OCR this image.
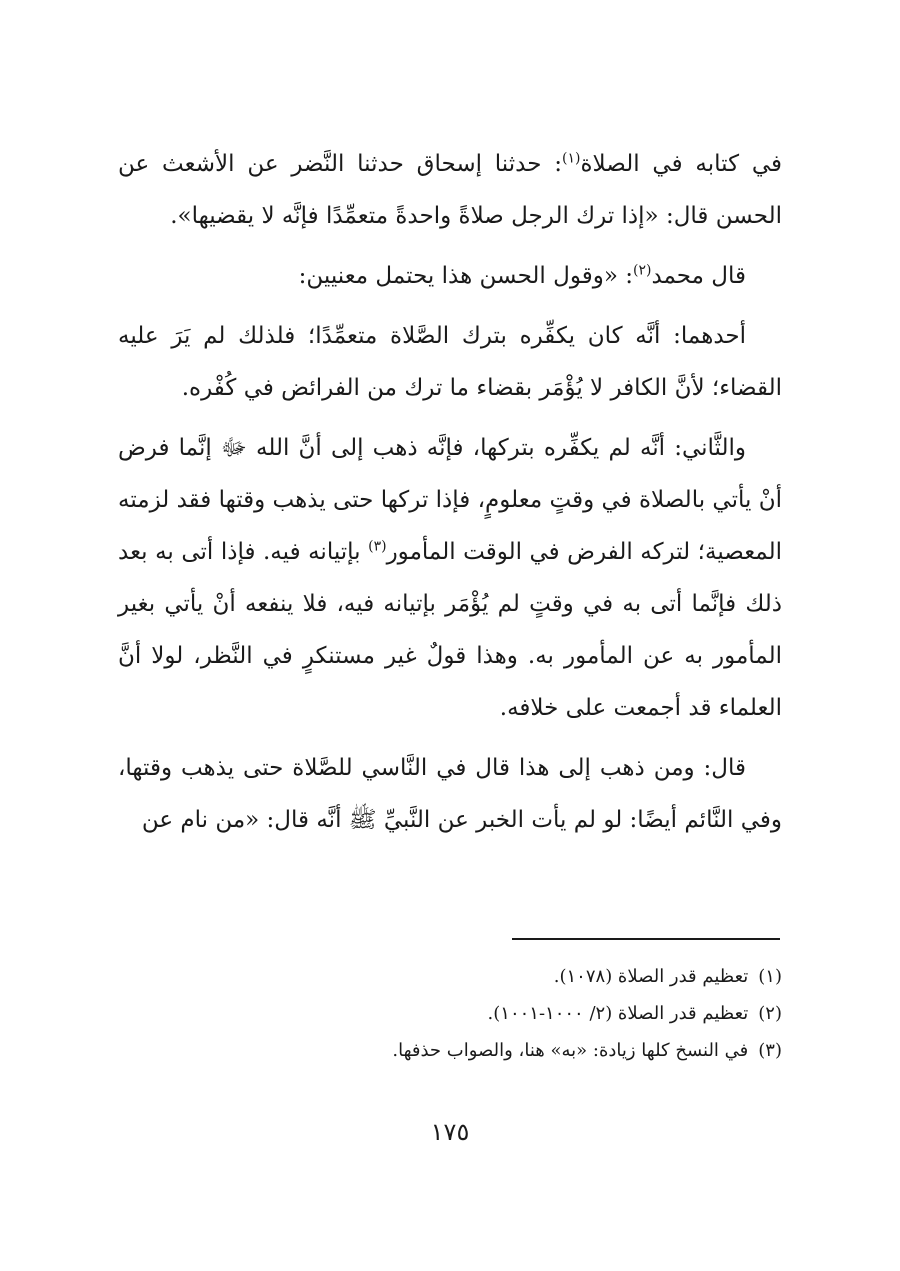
في كتابه في الصلاة$^{(١)}$: حدثنا إسحاق حدثنا النَّضر عن الأشعث عن الحسن قال: «إذا ترك الرجل صلاةً واحدةً متعمِّدًا فإنَّه لا يقضيها».

قال محمد$^{(٢)}$: «وقول الحسن هذا يحتمل معنيين:

أحدهما: أنَّه كان يكفِّره بترك الصَّلاة متعمِّدًا؛ فلذلك لم يَرَ عليه القضاء؛ لأنَّ الكافر لا يُؤْمَر بقضاء ما ترك من الفرائض في كُفْره.

والثَّاني: أنَّه لم يكفِّره بتركها، فإنَّه ذهب إلى أنَّ الله ﷻ إنَّما فرض أنْ يأتي بالصلاة في وقتٍ معلومٍ، فإذا تركها حتى يذهب وقتها فقد لزمته المعصية؛ لتركه الفرض في الوقت المأمور$^{(٣)}$ بإتيانه فيه. فإذا أتى به بعد ذلك فإنَّما أتى به في وقتٍ لم يُؤْمَر بإتيانه فيه، فلا ينفعه أنْ يأتي بغير المأمور به عن المأمور به. وهذا قولٌ غير مستنكرٍ في النَّظر، لولا أنَّ العلماء قد أجمعت على خلافه.

قال: ومن ذهب إلى هذا قال في النَّاسي للصَّلاة حتى يذهب وقتها، وفي النَّائم أيضًا: لو لم يأت الخبر عن النَّبيِّ ﷺ أنَّه قال: «من نام عن

(١)تعظيم قدر الصلاة (١٠٧٨).
(٢)تعظيم قدر الصلاة (٢/ ١٠٠٠-١٠٠١).
(٣)في النسخ كلها زيادة: «به» هنا، والصواب حذفها.
١٧٥
